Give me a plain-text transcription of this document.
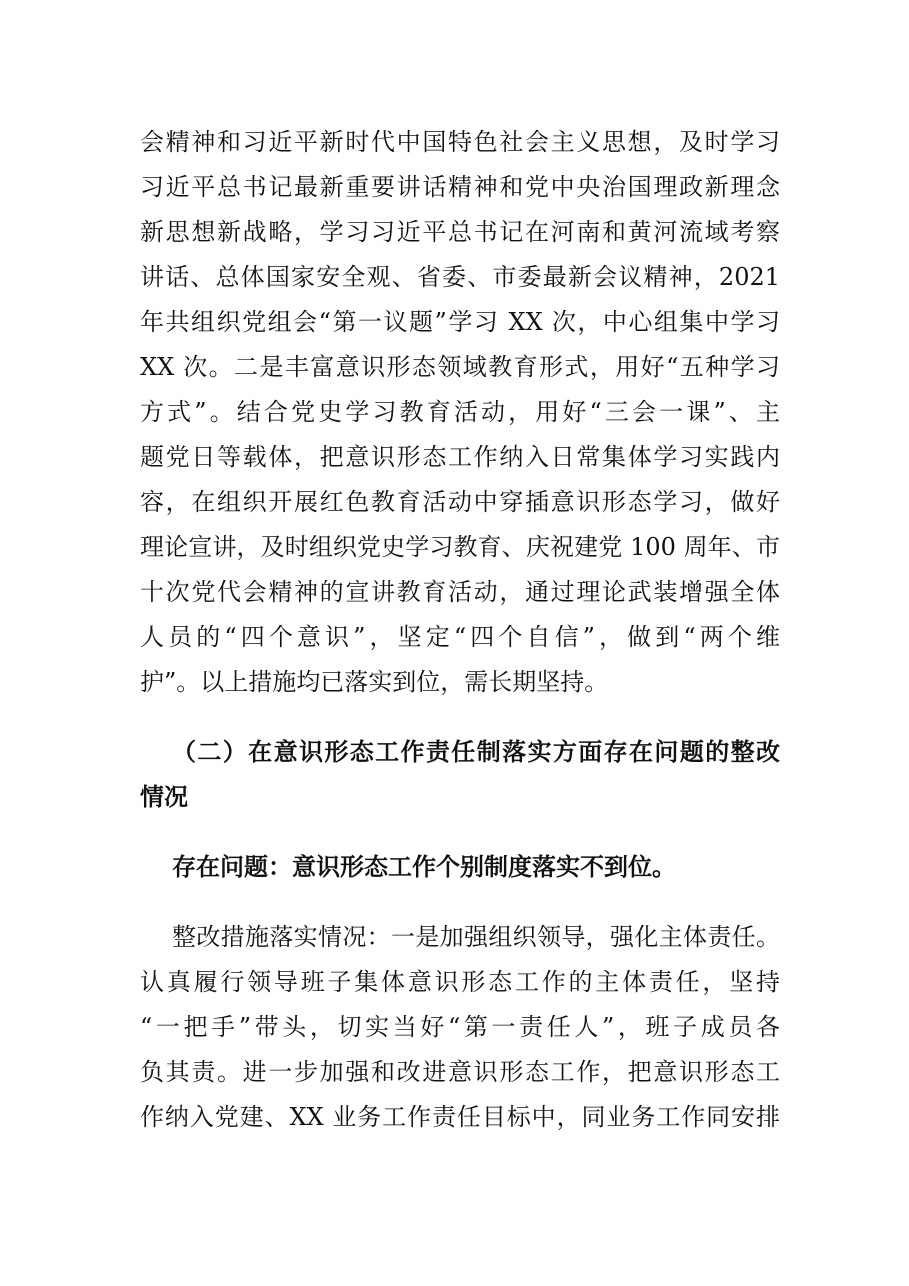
会精神和习近平新时代中国特色社会主义思想，及时学习
习近平总书记最新重要讲话精神和党中央治国理政新理念
新思想新战略，学习习近平总书记在河南和黄河流域考察
讲话、总体国家安全观、省委、市委最新会议精神，2021
年共组织党组会“第一议题”学习 XX 次，中心组集中学习
XX 次。二是丰富意识形态领域教育形式，用好“五种学习
方式”。结合党史学习教育活动，用好“三会一课”、主
题党日等载体，把意识形态工作纳入日常集体学习实践内
容，在组织开展红色教育活动中穿插意识形态学习，做好
理论宣讲，及时组织党史学习教育、庆祝建党 100 周年、市
十次党代会精神的宣讲教育活动，通过理论武装增强全体
人员的“四个意识”，坚定“四个自信”，做到“两个维
护”。以上措施均已落实到位，需长期坚持。
（二）在意识形态工作责任制落实方面存在问题的整改
情况
存在问题：意识形态工作个别制度落实不到位。
整改措施落实情况：一是加强组织领导，强化主体责任。
认真履行领导班子集体意识形态工作的主体责任，坚持
“一把手”带头，切实当好“第一责任人”，班子成员各
负其责。进一步加强和改进意识形态工作，把意识形态工
作纳入党建、XX 业务工作责任目标中，同业务工作同安排
